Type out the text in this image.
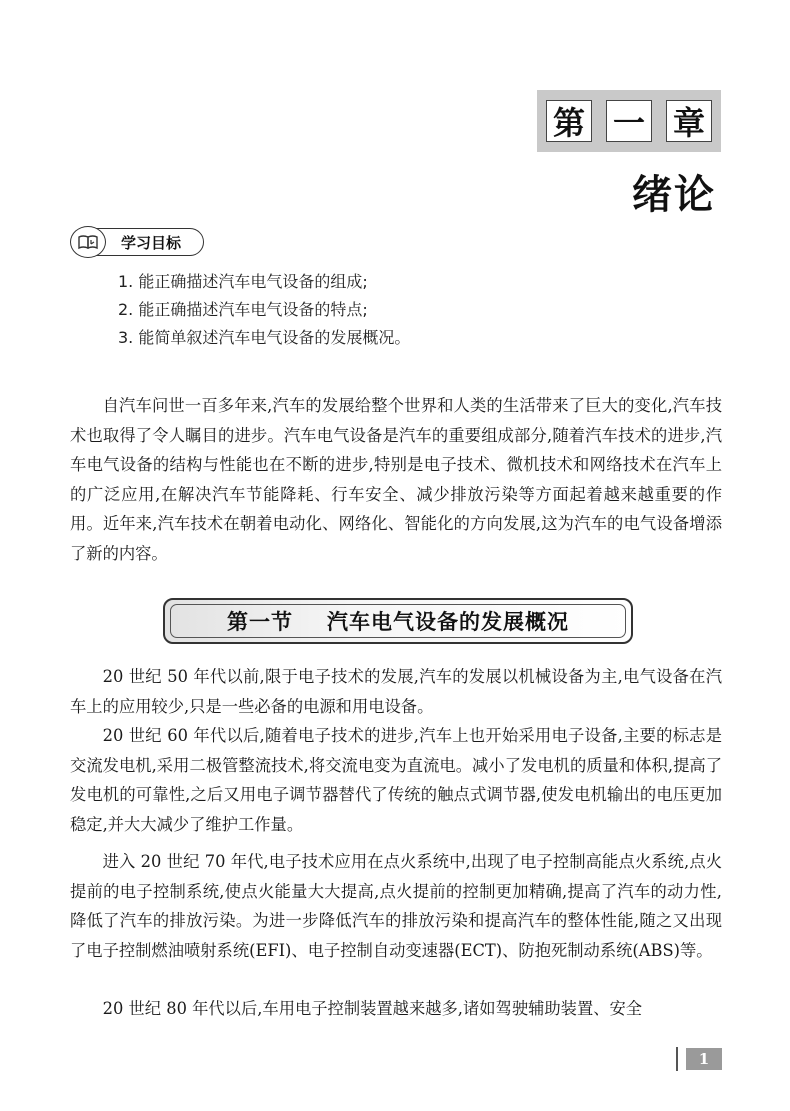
第 一 章
绪论
学习目标
1. 能正确描述汽车电气设备的组成;
2. 能正确描述汽车电气设备的特点;
3. 能简单叙述汽车电气设备的发展概况。

自汽车问世一百多年来,汽车的发展给整个世界和人类的生活带来了巨大的变化,汽车技术也取得了令人瞩目的进步。汽车电气设备是汽车的重要组成部分,随着汽车技术的进步,汽车电气设备的结构与性能也在不断的进步,特别是电子技术、微机技术和网络技术在汽车上的广泛应用,在解决汽车节能降耗、行车安全、减少排放污染等方面起着越来越重要的作用。近年来,汽车技术在朝着电动化、网络化、智能化的方向发展,这为汽车的电气设备增添了新的内容。

第一节 汽车电气设备的发展概况

20 世纪 50 年代以前,限于电子技术的发展,汽车的发展以机械设备为主,电气设备在汽车上的应用较少,只是一些必备的电源和用电设备。

20 世纪 60 年代以后,随着电子技术的进步,汽车上也开始采用电子设备,主要的标志是交流发电机,采用二极管整流技术,将交流电变为直流电。减小了发电机的质量和体积,提高了发电机的可靠性,之后又用电子调节器替代了传统的触点式调节器,使发电机输出的电压更加稳定,并大大减少了维护工作量。

进入 20 世纪 70 年代,电子技术应用在点火系统中,出现了电子控制高能点火系统,点火提前的电子控制系统,使点火能量大大提高,点火提前的控制更加精确,提高了汽车的动力性,降低了汽车的排放污染。为进一步降低汽车的排放污染和提高汽车的整体性能,随之又出现了电子控制燃油喷射系统(EFI)、电子控制自动变速器(ECT)、防抱死制动系统(ABS)等。

20 世纪 80 年代以后,车用电子控制装置越来越多,诸如驾驶辅助装置、安全

1
